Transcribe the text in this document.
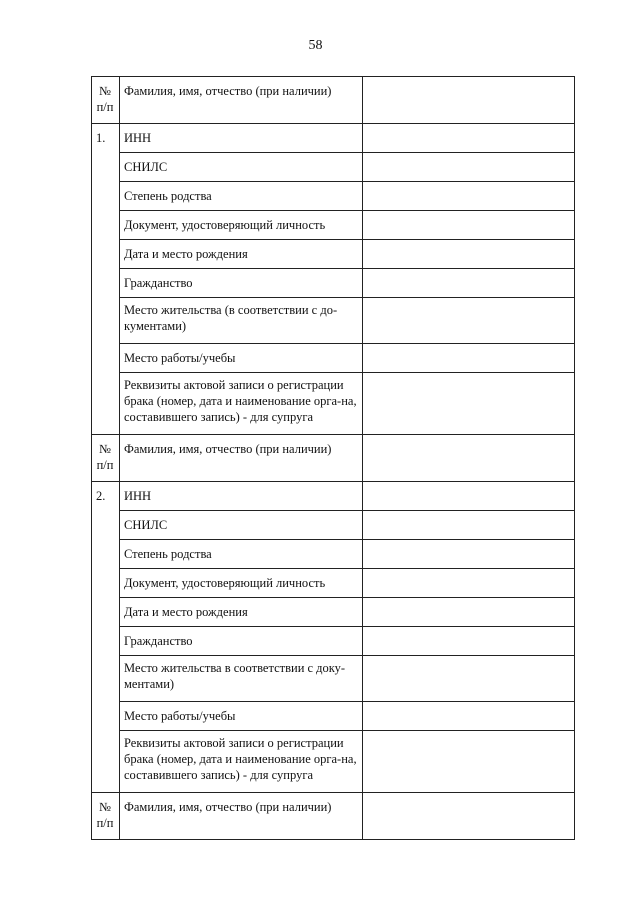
58
№
п/п	Фамилия, имя, отчество (при наличии)	
1.	ИНН	
	СНИЛС	
	Степень родства	
	Документ, удостоверяющий личность	
	Дата и место рождения	
	Гражданство	
	Место жительства (в соответствии с до-кументами)	
	Место работы/учебы	
	Реквизиты актовой записи о регистрации брака (номер, дата и наименование орга-на, составившего запись) - для супруга	

№
п/п	Фамилия, имя, отчество (при наличии)	
2.	ИНН	
	СНИЛС	
	Степень родства	
	Документ, удостоверяющий личность	
	Дата и место рождения	
	Гражданство	
	Место жительства в соответствии с доку-ментами)	
	Место работы/учебы	
	Реквизиты актовой записи о регистрации брака (номер, дата и наименование орга-на, составившего запись) - для супруга	

№
п/п	Фамилия, имя, отчество (при наличии)	
